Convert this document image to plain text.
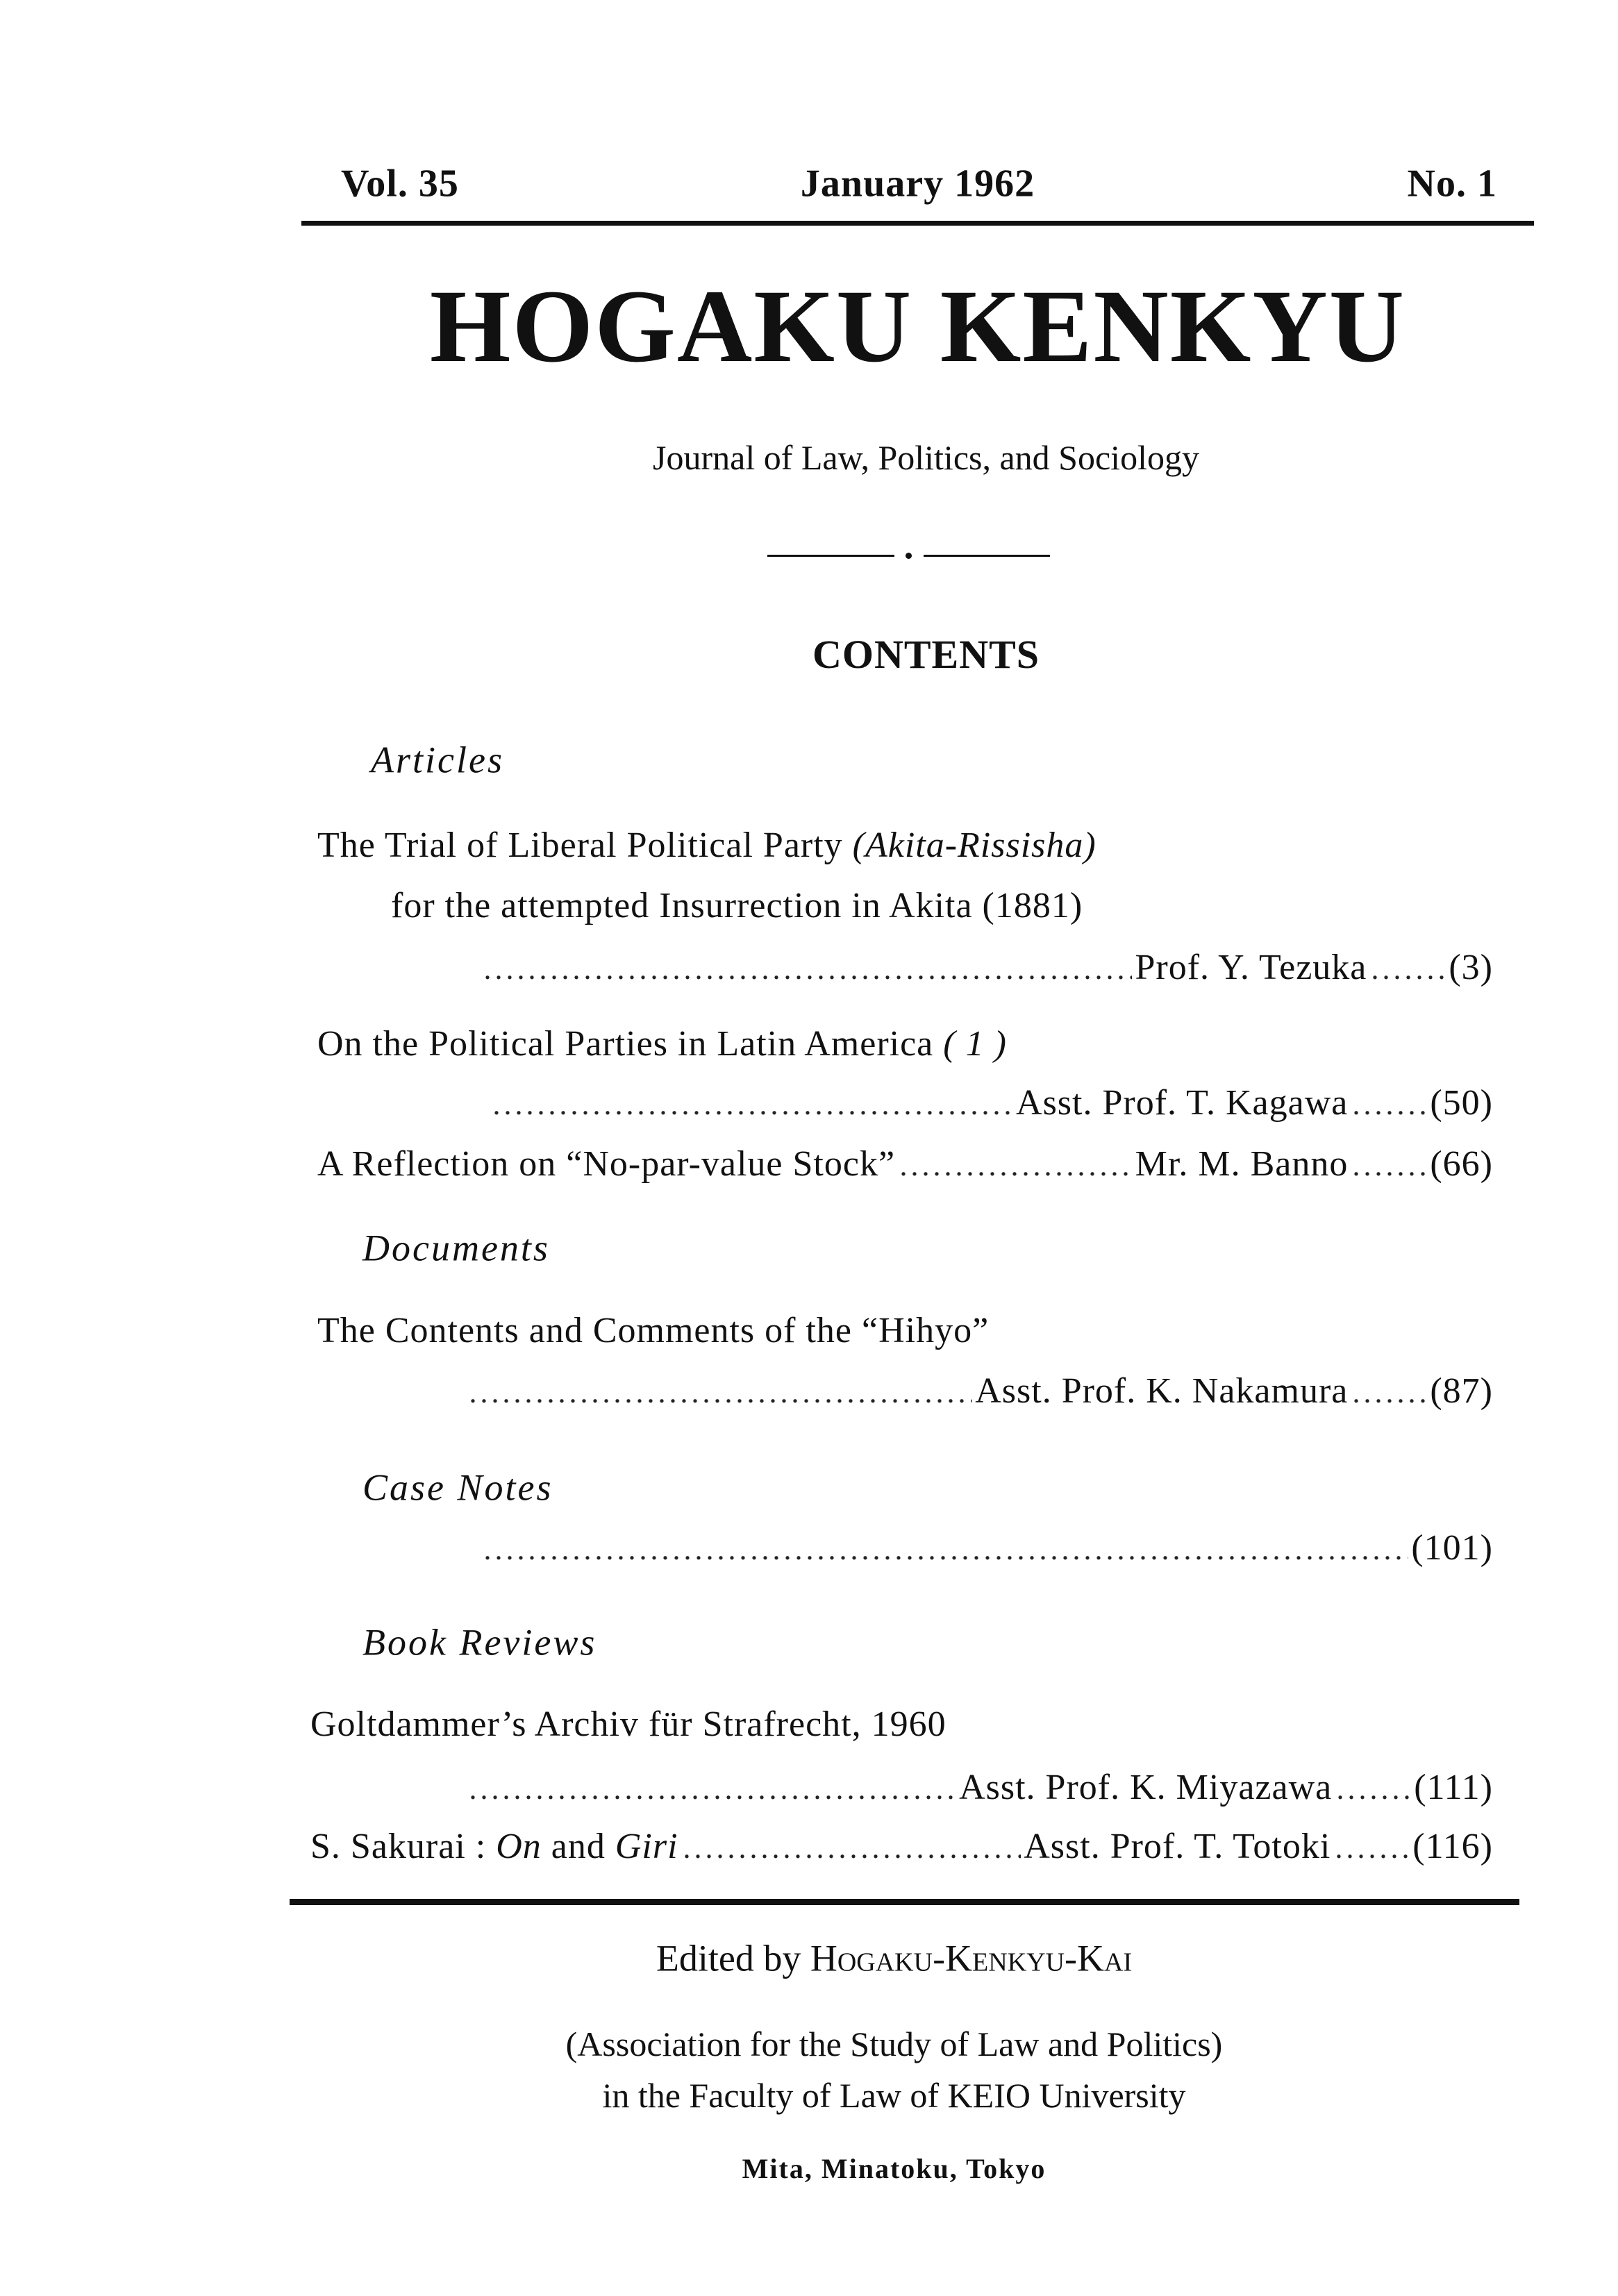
Vol. 35	January 1962	No. 1
HOGAKU KENKYU
Journal of Law, Politics, and Sociology
CONTENTS
Articles
The Trial of Liberal Political Party (Akita-Rissisha)
for the attempted Insurrection in Akita (1881)
Prof. Y. Tezuka (3)
On the Political Parties in Latin America ( 1 )
Asst. Prof. T. Kagawa (50)
A Reflection on “No-par-value Stock”	Mr. M. Banno (66)
Documents
The Contents and Comments of the “Hihyo”
Asst. Prof. K. Nakamura (87)
Case Notes
(101)
Book Reviews
Goltdammer’s Archiv für Strafrecht, 1960
Asst. Prof. K. Miyazawa (111)
S. Sakurai : On and Giri	Asst. Prof. T. Totoki (116)
Edited by Hogaku-Kenkyu-Kai
(Association for the Study of Law and Politics)
in the Faculty of Law of KEIO University
Mita, Minatoku, Tokyo
